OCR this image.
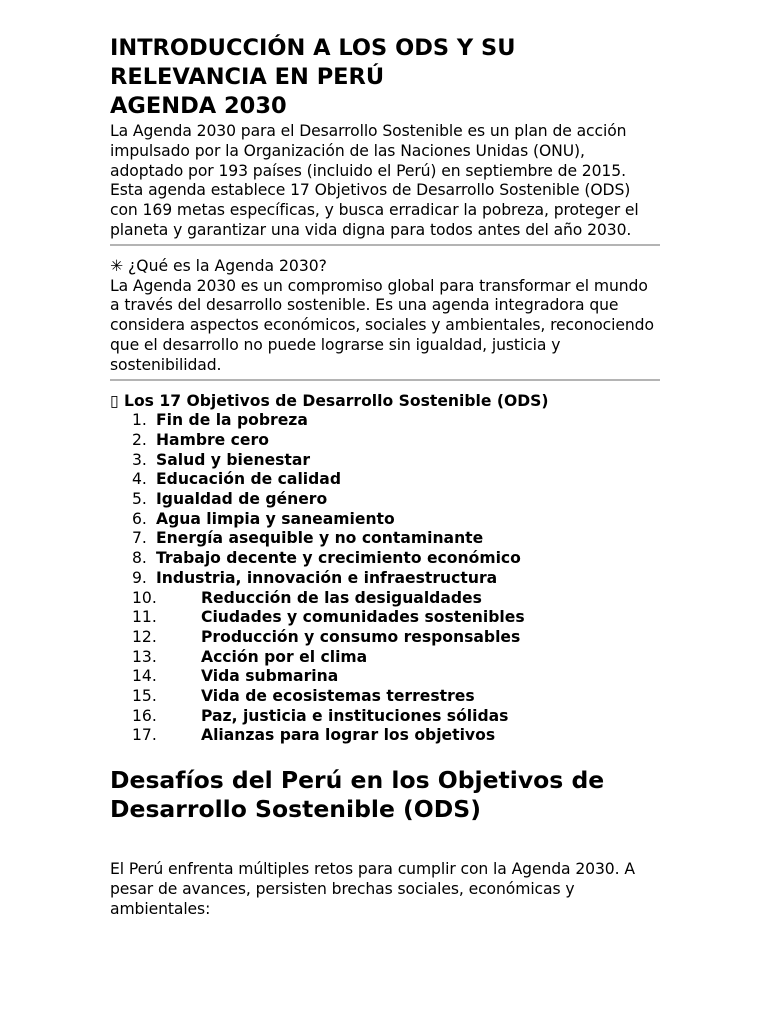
INTRODUCCIÓN A LOS ODS Y SU
RELEVANCIA EN PERÚ
AGENDA 2030

La Agenda 2030 para el Desarrollo Sostenible es un plan de acción impulsado por la Organización de las Naciones Unidas (ONU), adoptado por 193 países (incluido el Perú) en septiembre de 2015. Esta agenda establece 17 Objetivos de Desarrollo Sostenible (ODS) con 169 metas específicas, y busca erradicar la pobreza, proteger el planeta y garantizar una vida digna para todos antes del año 2030.

✳ ¿Qué es la Agenda 2030?

La Agenda 2030 es un compromiso global para transformar el mundo a través del desarrollo sostenible. Es una agenda integradora que considera aspectos económicos, sociales y ambientales, reconociendo que el desarrollo no puede lograrse sin igualdad, justicia y sostenibilidad.

▯ Los 17 Objetivos de Desarrollo Sostenible (ODS)

1. Fin de la pobreza
2. Hambre cero
3. Salud y bienestar
4. Educación de calidad
5. Igualdad de género
6. Agua limpia y saneamiento
7. Energía asequible y no contaminante
8. Trabajo decente y crecimiento económico
9. Industria, innovación e infraestructura
10.	Reducción de las desigualdades
11.	Ciudades y comunidades sostenibles
12.	Producción y consumo responsables
13.	Acción por el clima
14.	Vida submarina
15.	Vida de ecosistemas terrestres
16.	Paz, justicia e instituciones sólidas
17.	Alianzas para lograr los objetivos
Desafíos del Perú en los Objetivos de Desarrollo Sostenible (ODS)

El Perú enfrenta múltiples retos para cumplir con la Agenda 2030. A pesar de avances, persisten brechas sociales, económicas y ambientales:
